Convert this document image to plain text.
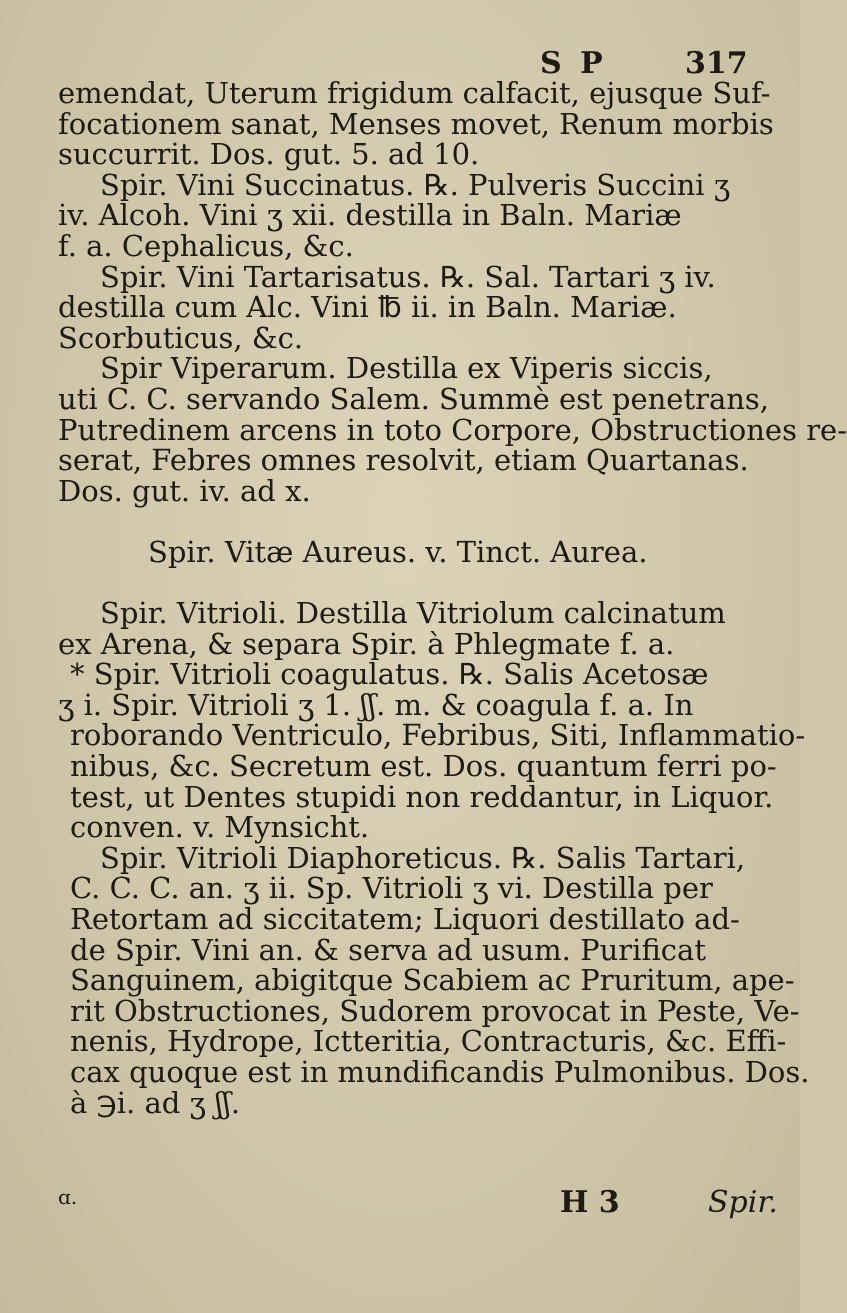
S P	317
emendat, Uterum frigidum calfacit, ejusque Suf-
focationem sanat, Menses movet, Renum morbis
succurrit. Dos. gut. 5. ad 10.
Spir. Vini Succinatus. ℞. Pulveris Succini ʒ
iv. Alcoh. Vini ʒ xii. destilla in Baln. Mariæ
f. a. Cephalicus, &c.
Spir. Vini Tartarisatus. ℞. Sal. Tartari ʒ iv.
destilla cum Alc. Vini ℔ ii. in Baln. Mariæ.
Scorbuticus, &c.
Spir Viperarum. Destilla ex Viperis siccis,
uti C. C. servando Salem. Summè est penetrans,
Putredinem arcens in toto Corpore, Obstructiones re-
serat, Febres omnes resolvit, etiam Quartanas.
Dos. gut. iv. ad x.
Spir. Vitæ Aureus. v. Tinct. Aurea.
Spir. Vitrioli. Destilla Vitriolum calcinatum
ex Arena, & separa Spir. à Phlegmate f. a.
* Spir. Vitrioli coagulatus. ℞. Salis Acetosæ
ʒ i. Spir. Vitrioli ʒ 1. ʃʃ. m. & coagula f. a. In
roborando Ventriculo, Febribus, Siti, Inflammatio-
nibus, &c. Secretum est. Dos. quantum ferri po-
test, ut Dentes stupidi non reddantur, in Liquor.
conven. v. Mynsicht.
Spir. Vitrioli Diaphoreticus. ℞. Salis Tartari,
C. C. C. an. ʒ ii. Sp. Vitrioli ʒ vi. Destilla per
Retortam ad siccitatem; Liquori destillato ad-
de Spir. Vini an. & serva ad usum. Purificat
Sanguinem, abigitque Scabiem ac Pruritum, ape-
rit Obstructiones, Sudorem provocat in Peste, Ve-
nenis, Hydrope, Ictteritia, Contracturis, &c. Effi-
cax quoque est in mundificandis Pulmonibus. Dos.
à ℈i. ad ʒ ʃʃ.
ɑ.	H 3	Spir.
